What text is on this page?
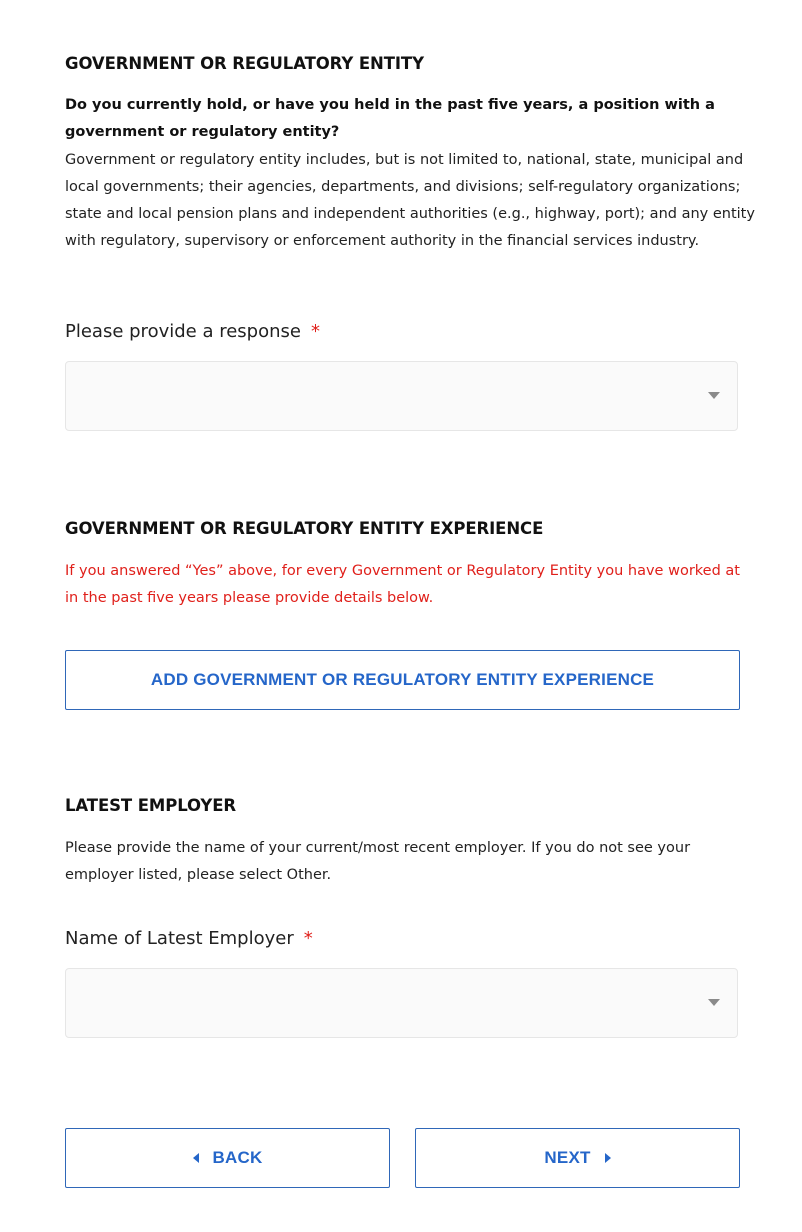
GOVERNMENT OR REGULATORY ENTITY
Do you currently hold, or have you held in the past five years, a position with a government or regulatory entity?
Government or regulatory entity includes, but is not limited to, national, state, municipal and local governments; their agencies, departments, and divisions; self-regulatory organizations; state and local pension plans and independent authorities (e.g., highway, port); and any entity with regulatory, supervisory or enforcement authority in the financial services industry.
Please provide a response *
GOVERNMENT OR REGULATORY ENTITY EXPERIENCE
If you answered “Yes” above, for every Government or Regulatory Entity you have worked at in the past five years please provide details below.
ADD GOVERNMENT OR REGULATORY ENTITY EXPERIENCE
LATEST EMPLOYER
Please provide the name of your current/most recent employer. If you do not see your employer listed, please select Other.
Name of Latest Employer *
BACK	NEXT
